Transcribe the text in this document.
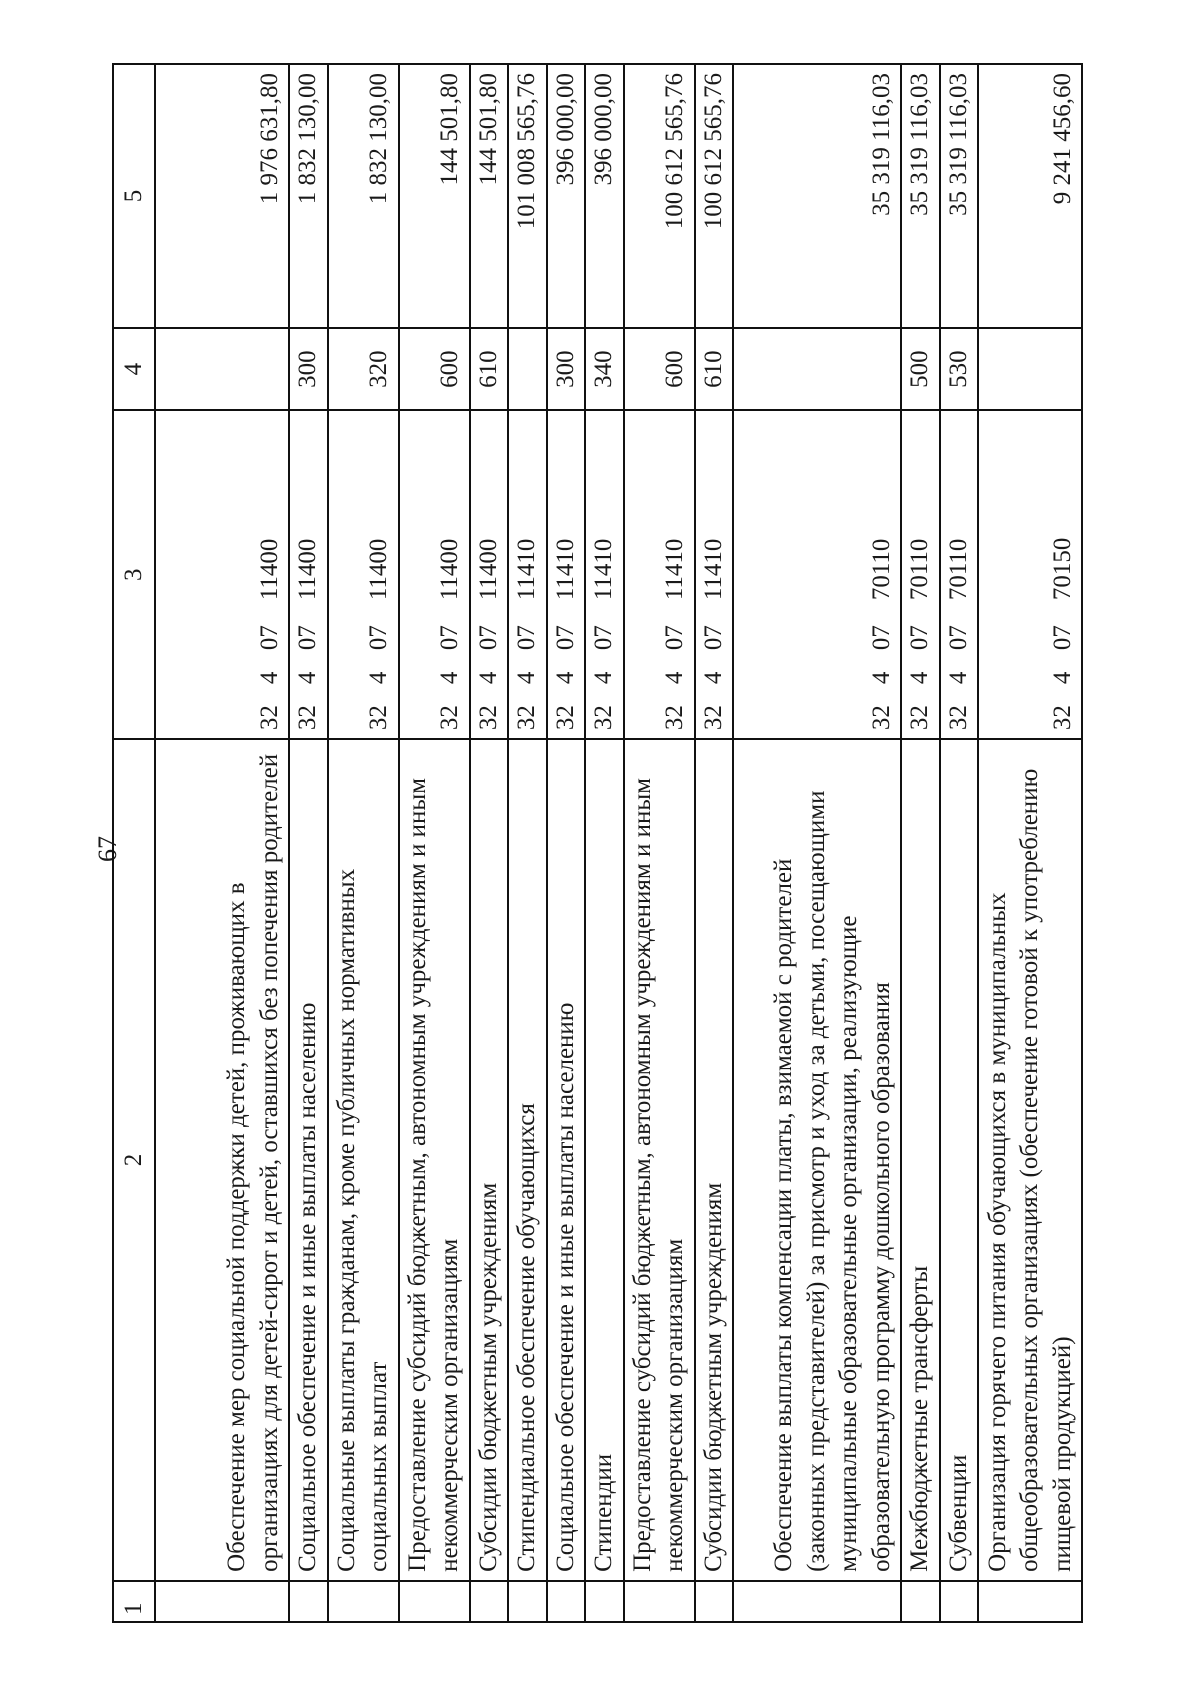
67
1	2	3	4	5
	Обеспечение мер социальной поддержки детей, проживающих в организациях для детей-сирот и детей, оставшихся без попечения родителей	3240711400		1 976 631,80
	Социальное обеспечение и иные выплаты населению	3240711400	300	1 832 130,00
	Социальные выплаты гражданам, кроме публичных нормативных социальных выплат	3240711400	320	1 832 130,00
	Предоставление субсидий бюджетным, автономным учреждениям и иным некоммерческим организациям	3240711400	600	144 501,80
	Субсидии бюджетным учреждениям	3240711400	610	144 501,80
	Стипендиальное обеспечение обучающихся	3240711410		101 008 565,76
	Социальное обеспечение и иные выплаты населению	3240711410	300	396 000,00
	Стипендии	3240711410	340	396 000,00
	Предоставление субсидий бюджетным, автономным учреждениям и иным некоммерческим организациям	3240711410	600	100 612 565,76
	Субсидии бюджетным учреждениям	3240711410	610	100 612 565,76
	Обеспечение выплаты компенсации платы, взимаемой с родителей (законных представителей) за присмотр и уход за детьми, посещающими муниципальные образовательные организации, реализующие образовательную программу дошкольного образования	3240770110		35 319 116,03
	Межбюджетные трансферты	3240770110	500	35 319 116,03
	Субвенции	3240770110	530	35 319 116,03
	Организация горячего питания обучающихся в муниципальных общеобразовательных организациях (обеспечение готовой к употреблению пищевой продукцией)	3240770150		9 241 456,60
